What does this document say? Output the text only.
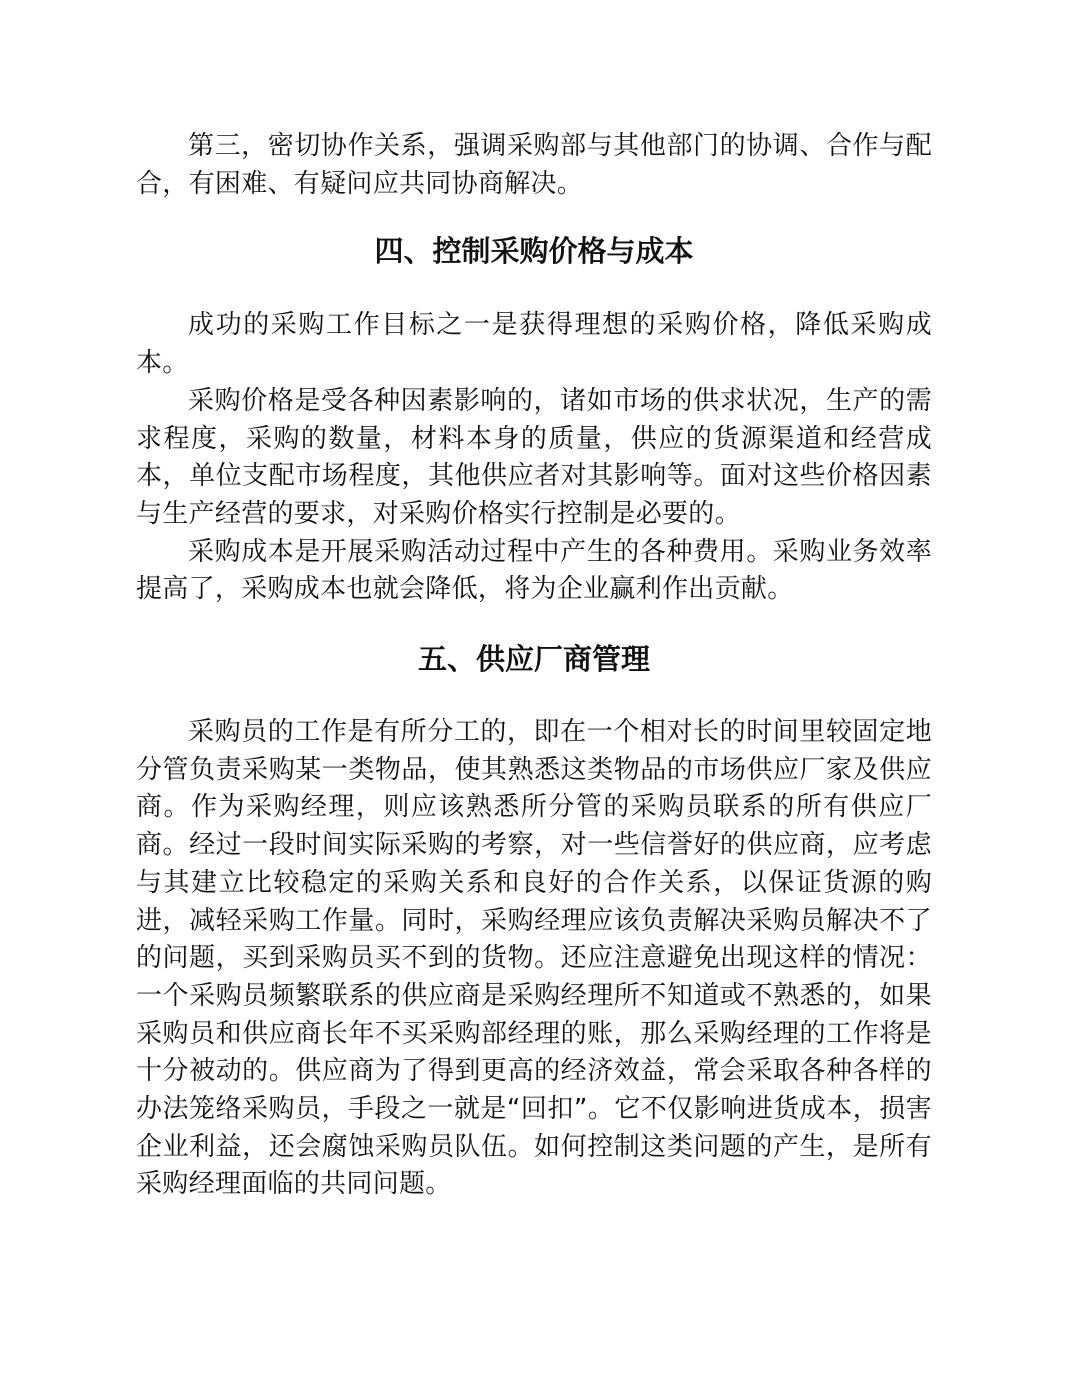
第三，密切协作关系，强调采购部与其他部门的协调、合作与配合，有困难、有疑问应共同协商解决。

四、控制采购价格与成本

成功的采购工作目标之一是获得理想的采购价格，降低采购成本。

采购价格是受各种因素影响的，诸如市场的供求状况，生产的需求程度，采购的数量，材料本身的质量，供应的货源渠道和经营成本，单位支配市场程度，其他供应者对其影响等。面对这些价格因素与生产经营的要求，对采购价格实行控制是必要的。

采购成本是开展采购活动过程中产生的各种费用。采购业务效率提高了，采购成本也就会降低，将为企业赢利作出贡献。

五、供应厂商管理

采购员的工作是有所分工的，即在一个相对长的时间里较固定地分管负责采购某一类物品，使其熟悉这类物品的市场供应厂家及供应商。作为采购经理，则应该熟悉所分管的采购员联系的所有供应厂商。经过一段时间实际采购的考察，对一些信誉好的供应商，应考虑与其建立比较稳定的采购关系和良好的合作关系，以保证货源的购进，减轻采购工作量。同时，采购经理应该负责解决采购员解决不了的问题，买到采购员买不到的货物。还应注意避免出现这样的情况：一个采购员频繁联系的供应商是采购经理所不知道或不熟悉的，如果采购员和供应商长年不买采购部经理的账，那么采购经理的工作将是十分被动的。供应商为了得到更高的经济效益，常会采取各种各样的办法笼络采购员，手段之一就是“回扣”。它不仅影响进货成本，损害企业利益，还会腐蚀采购员队伍。如何控制这类问题的产生，是所有采购经理面临的共同问题。
